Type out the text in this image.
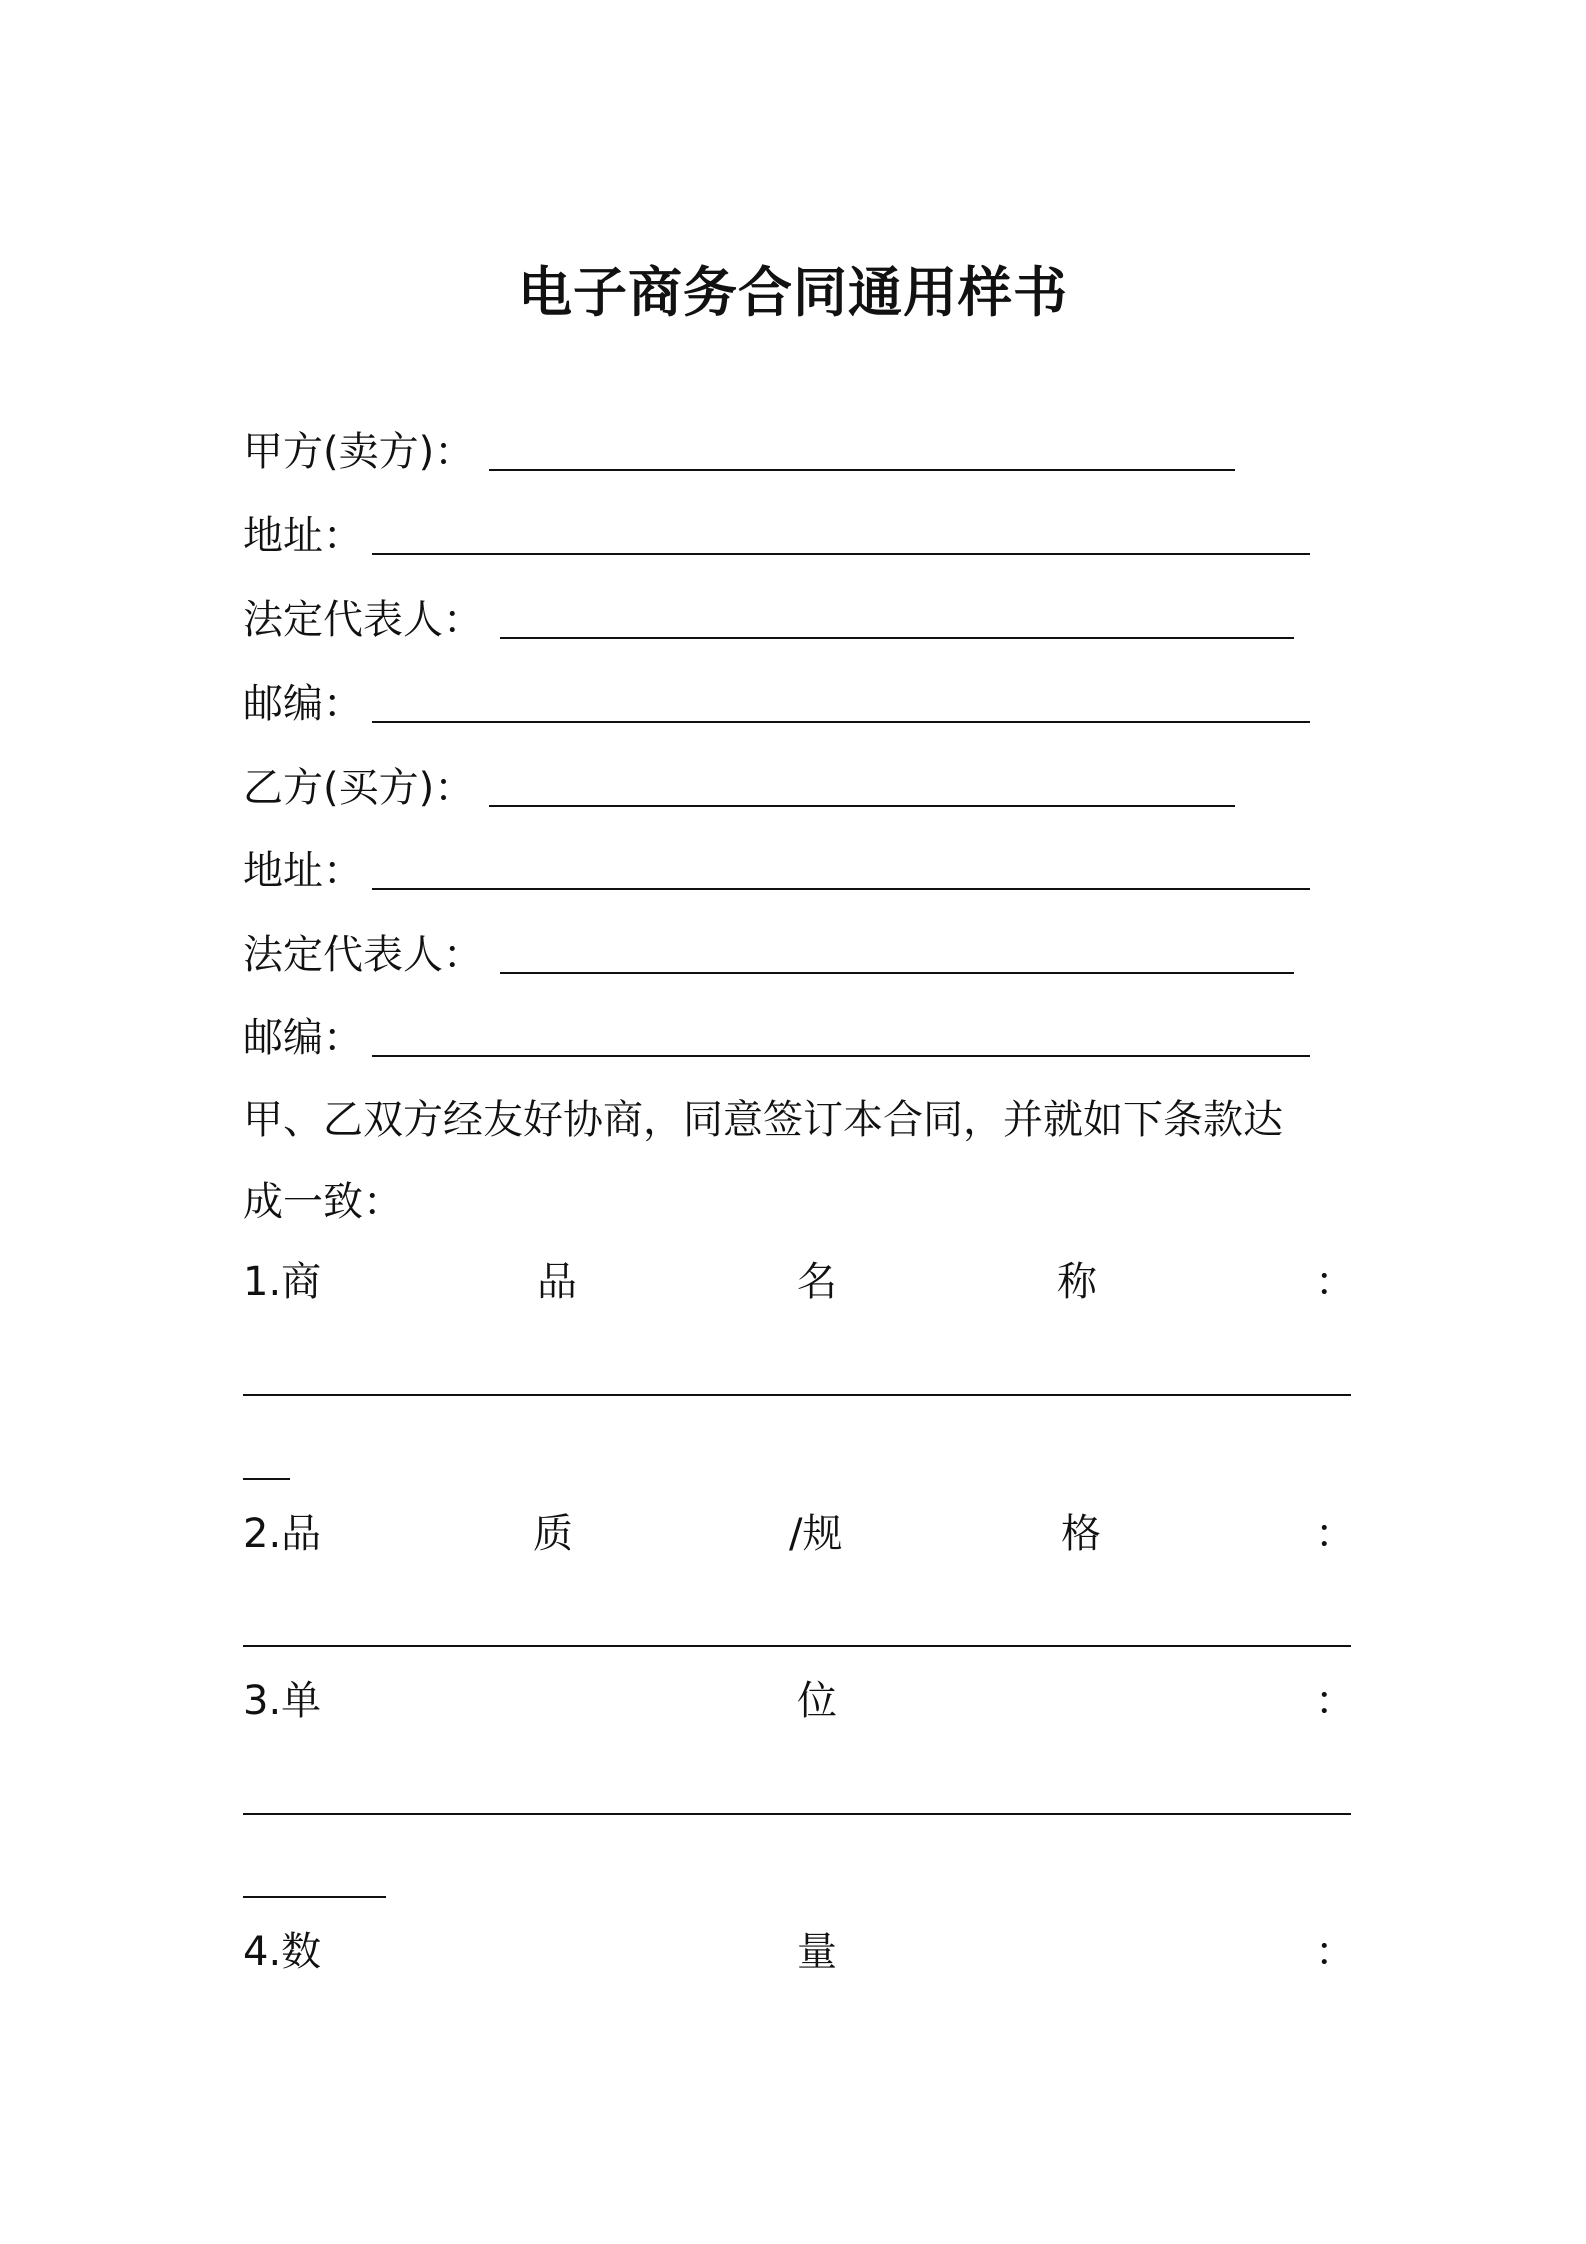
电子商务合同通用样书
甲方(卖方)：
地址：
法定代表人：
邮编：
乙方(买方)：
地址：
法定代表人：
邮编：
甲、乙双方经友好协商，同意签订本合同，并就如下条款达
成一致：
1.商	品	名	称	：
2.品	质	/规	格	：
3.单	位	：
4.数	量	：
